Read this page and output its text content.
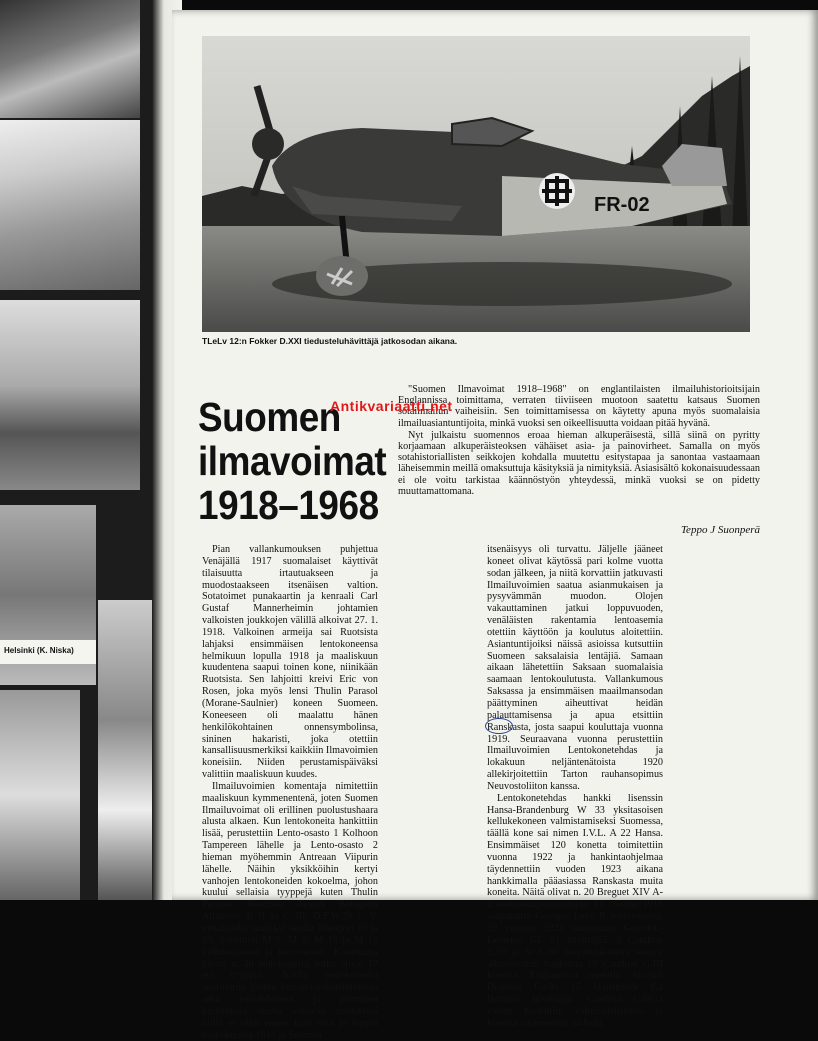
Helsinki (K. Niska)
FR-02
TLeLv 12:n Fokker D.XXI tiedusteluhävittäjä jatkosodan aikana.
Suomen
ilmavoimat
1918–1968

"Suomen Ilmavoimat 1918–1968" on englantilaisten ilmailuhistorioitsijain Englannissa toimittama, verraten tiiviiseen muotoon saatettu katsaus Suomen sotailmailun vaiheisiin. Sen toimittamisessa on käytetty apuna myös suomalaisia ilmailuasiantuntijoita, minkä vuoksi sen oikeellisuutta voidaan pitää hyvänä.

Nyt julkaistu suomennos eroaa hieman alkuperäisestä, sillä siinä on pyritty korjaamaan alkuperäisteoksen vähäiset asia- ja painovirheet. Samalla on myös sotahistoriallisten seikkojen kohdalla muutettu esitystapaa ja sanontaa vastaamaan läheisemmin meillä omaksuttuja käsityksiä ja nimityksiä. Asiasisältö kokonaisuudessaan ei ole voitu tarkistaa käännöstyön yhteydessä, minkä vuoksi se on pidetty muuttamattomana.

Teppo J Suonperä

Pian vallankumouksen puhjettua Venäjällä 1917 suomalaiset käyttivät tilaisuutta irtautuakseen ja muodostaakseen itsenäisen valtion. Sotatoimet punakaartin ja kenraali Carl Gustaf Mannerheimin johtamien valkoisten joukkojen välillä alkoivat 27. 1. 1918. Valkoinen armeija sai Ruotsista lahjaksi ensimmäisen lentokoneensa helmikuun lopulla 1918 ja maaliskuun kuudentena saapui toinen kone, niinikään Ruotsista. Sen lahjoitti kreivi Eric von Rosen, joka myös lensi Thulin Parasol (Morane-Saulnier) koneen Suomeen. Koneeseen oli maalattu hänen henkilökohtainen onnensymbolinsa, sininen hakaristi, joka otettiin kansallisuusmerkiksi kaikkiin Ilmavoimien koneisiin. Niiden perustamispäiväksi valittiin maaliskuun kuudes.

Ilmailuvoimien komentaja nimitettiin maaliskuun kymmenentenä, joten Suomen Ilmailuvoimat oli erillinen puolustushaara alusta alkaen. Kun lentokoneita hankittiin lisää, perustettiin Lento-osasto 1 Kolhoon Tampereen lähelle ja Lento-osasto 2 hieman myöhemmin Antreaan Viipurin lähelle. Näihin yksikköihin kertyi vanhojen lentokoneiden kokoelma, johon kuului sellaisia tyyppejä kuten Thulin Parasol, Nordiska Aviatik Bolagetin Albatross B II ja C III, D.F.W.29 C V, venäläisiltä saaliiksi saadut Nieuport 10 ja 23, Schetinin M 5, M 9, M 15 ja M 16 kellukekoneet ja lentoveneet. Konekanta käsitti n. 40 lentokonetta, jotka olivat 17 eri tyyppiä. Näillä lentokoneilla suoritettiin jonkin verran tiedustelulentoja sekä lentolehtisten ja pommien pudotuksia, mutta vakavaa merkitystä niillä ei ollut ennen kuin sota jo loppui toukokuussa 1918 ja Suomen

itsenäisyys oli turvattu. Jäljelle jääneet koneet olivat käytössä pari kolme vuotta sodan jälkeen, ja niitä korvattiin jatkuvasti Ilmailuvoimien saatua asianmukaisen ja pysyvämmän muodon. Olojen vakauttaminen jatkui loppuvuoden, venäläisten rakentamia lentoasemia otettiin käyttöön ja koulutus aloitettiin. Asiantuntijoiksi näissä asioissa kutsuttiin Suomeen saksalaisia lentäjiä. Samaan aikaan lähetettiin Saksaan suomalaisia saamaan lentokoulutusta. Vallankumous Saksassa ja ensimmäisen maailmansodan päättyminen aiheuttivat heidän palauttamisensa ja apua etsittiin Ranskasta, josta saapui kouluttaja vuonna 1919. Seuraavana vuonna perustettiin Ilmailuvoimien Lentokonetehdas ja lokakuun neljäntenätoista 1920 allekirjoitettiin Tarton rauhansopimus Neuvostoliiton kanssa.

Lentokonetehdas hankki lisenssin Hansa-Brandenburg W 33 yksitasoisen kellukekoneen valmistamiseksi Suomessa, täällä kone sai nimen I.V.L. A 22 Hansa. Ensimmäiset 120 konetta toimitettiin vuonna 1922 ja hankintaohjelmaa täydennettiin vuoden 1923 aikana hankkimalla pääasiassa Ranskasta muita koneita. Näitä olivat n. 20 Breguet XIV A-2 tiedustelupommittajaa, 11 vuonna 1919 saapunutta Georges Levy R lentovenettä, 19 vuonna 1923 saapunutta Gourdou-Lesseure GL 21 hävittäjää. 3 Caudron C.59 ja 30 C.60 harjoituskonetta seurasi aikaisemmin hankittua 19 Caudron G.III konetta. Englannista ostettiin Aircraft Disposal Co:lta 15 Martinsyde F.4 Buzzard hävittäjää. Caudron C.60:ta varten hankittiin valmistuslisenssi ja koneita rakennettiin 34 lisää.

Antikvariaatti.net
